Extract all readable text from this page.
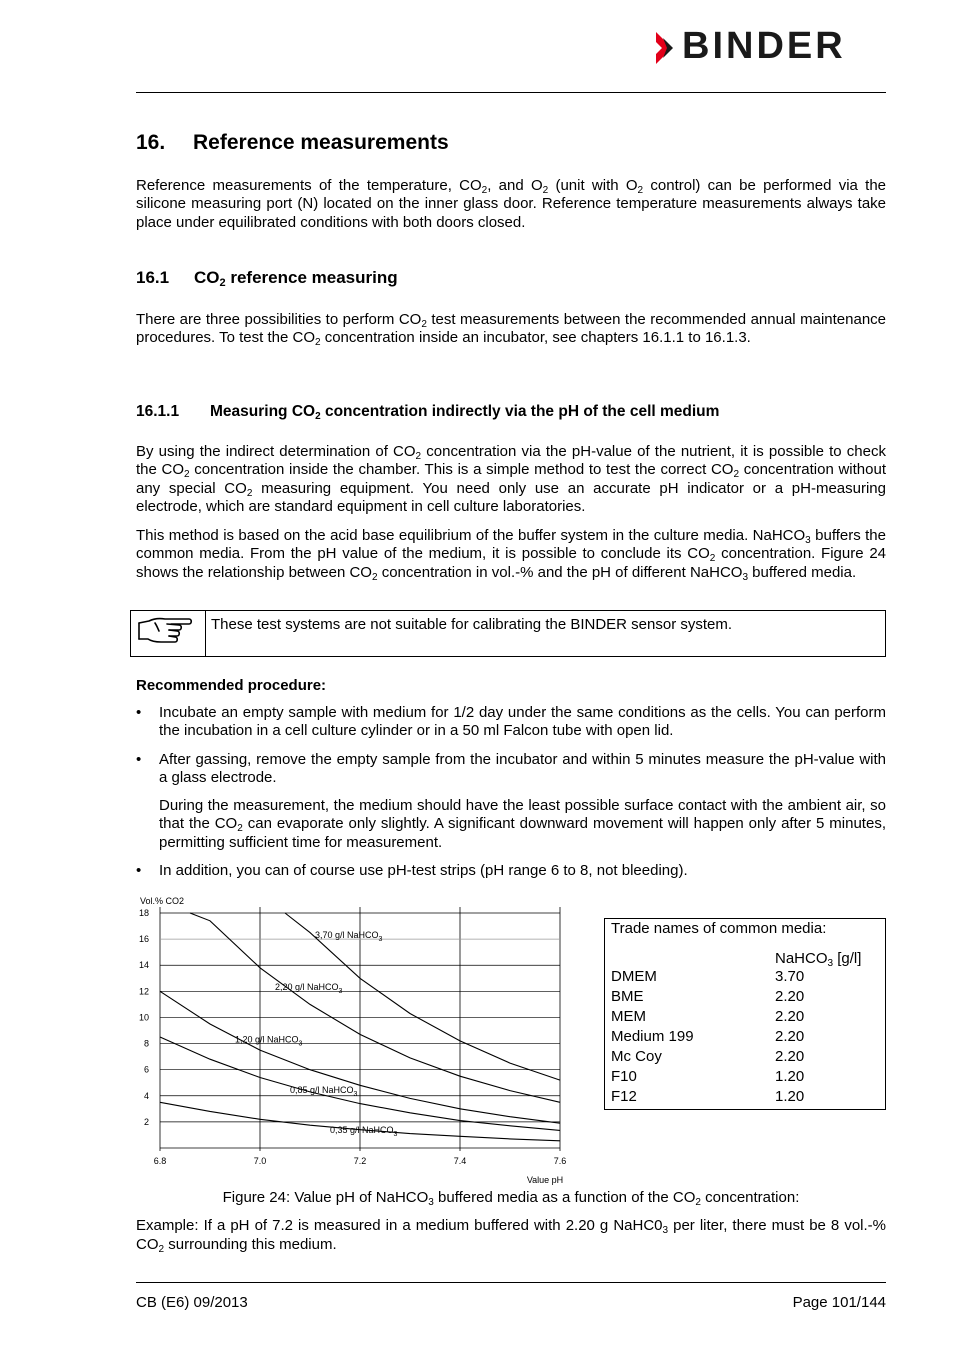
BINDER
16. Reference measurements
Reference measurements of the temperature, $CO_2$, and $O_2$ (unit with $O_2$ control) can be performed via the silicone measuring port (N) located on the inner glass door. Reference temperature measurements always take place under equilibrated conditions with both doors closed.
16.1 $CO_2$ reference measuring
There are three possibilities to perform $CO_2$ test measurements between the recommended annual maintenance procedures. To test the $CO_2$ concentration inside an incubator, see chapters 16.1.1 to 16.1.3.
16.1.1 Measuring $CO_2$ concentration indirectly via the pH of the cell medium
By using the indirect determination of $CO_2$ concentration via the pH-value of the nutrient, it is possible to check the $CO_2$ concentration inside the chamber. This is a simple method to test the correct $CO_2$ concentration without any special $CO_2$ measuring equipment. You need only use an accurate pH indicator or a pH-measuring electrode, which are standard equipment in cell culture laboratories.
This method is based on the acid base equilibrium of the buffer system in the culture media. NaHCO$_3$ buffers the common media. From the pH value of the medium, it is possible to conclude its $CO_2$ concentration. Figure 24 shows the relationship between $CO_2$ concentration in vol.-% and the pH of different NaHCO$_3$ buffered media.
These test systems are not suitable for calibrating the BINDER sensor system.
Recommended procedure:
• Incubate an empty sample with medium for 1/2 day under the same conditions as the cells. You can perform the incubation in a cell culture cylinder or in a 50 ml Falcon tube with open lid.
• After gassing, remove the empty sample from the incubator and within 5 minutes measure the pH-value with a glass electrode.
During the measurement, the medium should have the least possible surface contact with the ambient air, so that the $CO_2$ can evaporate only slightly. A significant downward movement will happen only after 5 minutes, permitting sufficient time for measurement.
• In addition, you can of course use pH-test strips (pH range 6 to 8, not bleeding).
6.8	7.0	7.2	7.4	7.6
2
4
6
8
10
12
14
16
18
Vol.% CO2
Value pH
3,70 g/l NaHCO$_3$
2,20 g/l NaHCO$_3$
1,20 g/l NaHCO$_3$
0,85 g/l NaHCO$_3$
0,35 g/l NaHCO$_3$
Trade names of common media:
NaHCO$_3$ [g/l]
DMEM	3.70
BME	2.20
MEM	2.20
Medium 199	2.20
Mc Coy	2.20
F10	1.20
F12	1.20
Figure 24: Value pH of NaHCO$_3$ buffered media as a function of the $CO_2$ concentration:
Example: If a pH of 7.2 is measured in a medium buffered with 2.20 g $NaHC0_3$ per liter, there must be 8 vol.-% $CO_2$ surrounding this medium.
CB (E6) 09/2013	Page 101/144
